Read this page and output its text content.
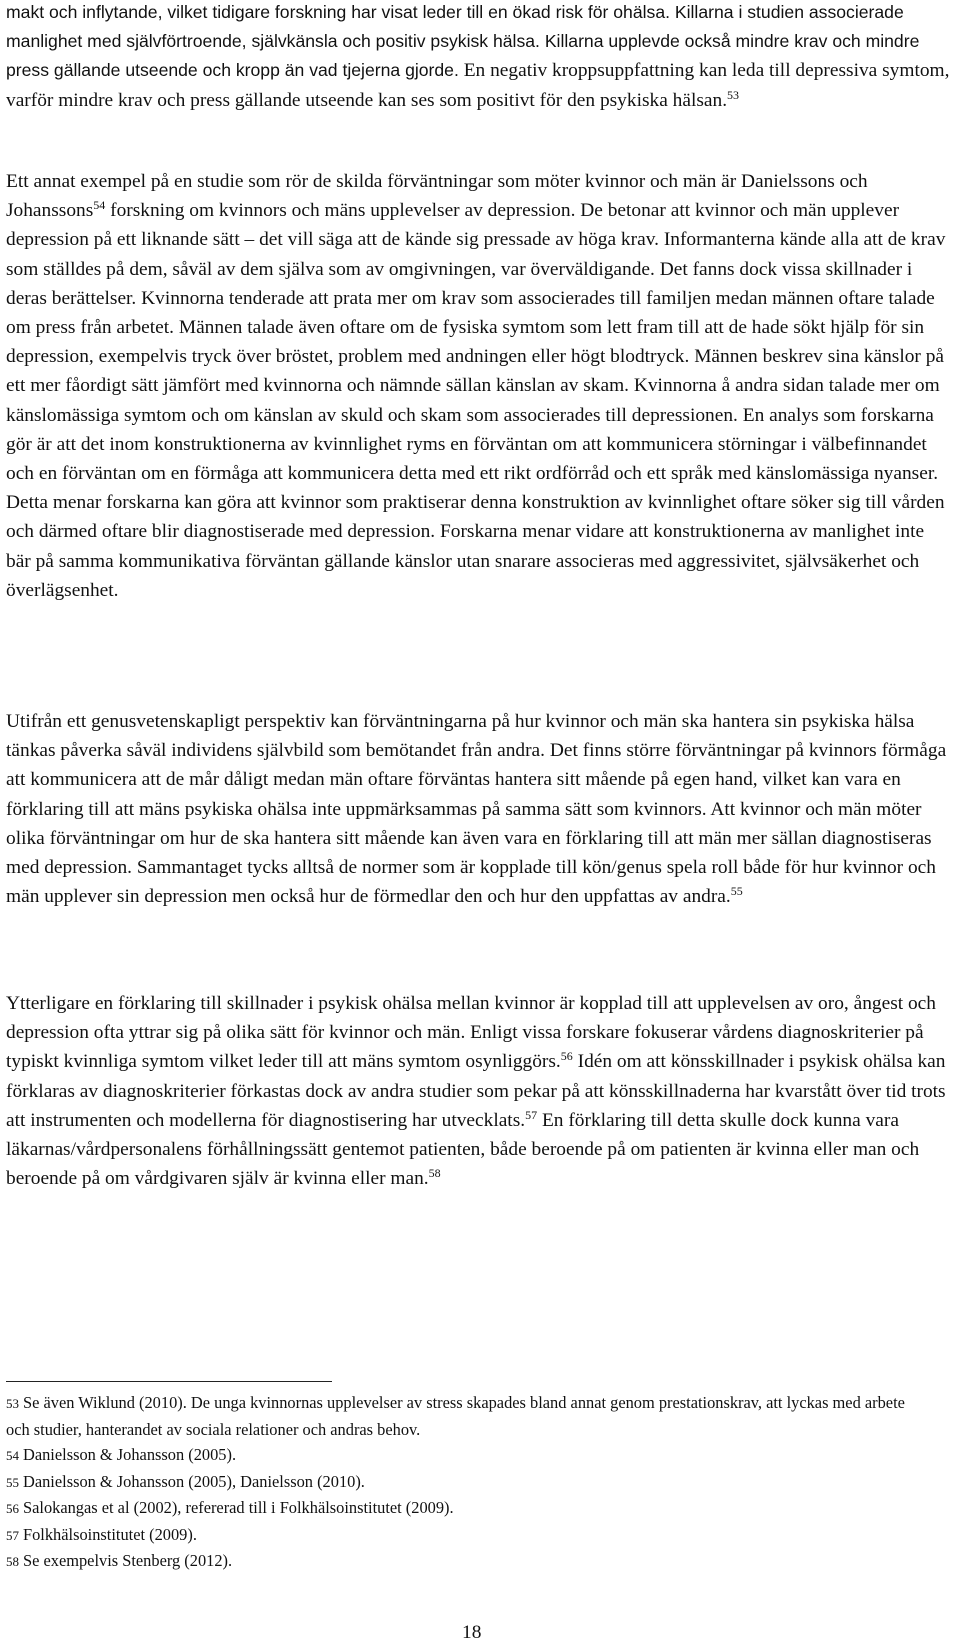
makt och inflytande, vilket tidigare forskning har visat leder till en ökad risk för ohälsa. Killarna i studien associerade manlighet med självförtroende, självkänsla och positiv psykisk hälsa. Killarna upplevde också mindre krav och mindre press gällande utseende och kropp än vad tjejerna gjorde. En negativ kroppsuppfattning kan leda till depressiva symtom, varför mindre krav och press gällande utseende kan ses som positivt för den psykiska hälsan.$^{53}$

Ett annat exempel på en studie som rör de skilda förväntningar som möter kvinnor och män är Danielssons och Johanssons$^{54}$ forskning om kvinnors och mäns upplevelser av depression. De betonar att kvinnor och män upplever depression på ett liknande sätt – det vill säga att de kände sig pressade av höga krav. Informanterna kände alla att de krav som ställdes på dem, såväl av dem själva som av omgivningen, var överväldigande. Det fanns dock vissa skillnader i deras berättelser. Kvinnorna tenderade att prata mer om krav som associerades till familjen medan männen oftare talade om press från arbetet. Männen talade även oftare om de fysiska symtom som lett fram till att de hade sökt hjälp för sin depression, exempelvis tryck över bröstet, problem med andningen eller högt blodtryck. Männen beskrev sina känslor på ett mer fåordigt sätt jämfört med kvinnorna och nämnde sällan känslan av skam. Kvinnorna å andra sidan talade mer om känslomässiga symtom och om känslan av skuld och skam som associerades till depressionen. En analys som forskarna gör är att det inom konstruktionerna av kvinnlighet ryms en förväntan om att kommunicera störningar i välbefinnandet och en förväntan om en förmåga att kommunicera detta med ett rikt ordförråd och ett språk med känslomässiga nyanser. Detta menar forskarna kan göra att kvinnor som praktiserar denna konstruktion av kvinnlighet oftare söker sig till vården och därmed oftare blir diagnostiserade med depression. Forskarna menar vidare att konstruktionerna av manlighet inte bär på samma kommunikativa förväntan gällande känslor utan snarare associeras med aggressivitet, självsäkerhet och överlägsenhet.

Utifrån ett genusvetenskapligt perspektiv kan förväntningarna på hur kvinnor och män ska hantera sin psykiska hälsa tänkas påverka såväl individens självbild som bemötandet från andra. Det finns större förväntningar på kvinnors förmåga att kommunicera att de mår dåligt medan män oftare förväntas hantera sitt mående på egen hand, vilket kan vara en förklaring till att mäns psykiska ohälsa inte uppmärksammas på samma sätt som kvinnors. Att kvinnor och män möter olika förväntningar om hur de ska hantera sitt mående kan även vara en förklaring till att män mer sällan diagnostiseras med depression. Sammantaget tycks alltså de normer som är kopplade till kön/genus spela roll både för hur kvinnor och män upplever sin depression men också hur de förmedlar den och hur den uppfattas av andra.$^{55}$

Ytterligare en förklaring till skillnader i psykisk ohälsa mellan kvinnor är kopplad till att upplevelsen av oro, ångest och depression ofta yttrar sig på olika sätt för kvinnor och män. Enligt vissa forskare fokuserar vårdens diagnoskriterier på typiskt kvinnliga symtom vilket leder till att mäns symtom osynliggörs.$^{56}$ Idén om att könsskillnader i psykisk ohälsa kan förklaras av diagnoskriterier förkastas dock av andra studier som pekar på att könsskillnaderna har kvarstått över tid trots att instrumenten och modellerna för diagnostisering har utvecklats.$^{57}$ En förklaring till detta skulle dock kunna vara läkarnas/vårdpersonalens förhållningssätt gentemot patienten, både beroende på om patienten är kvinna eller man och beroende på om vårdgivaren själv är kvinna eller man.$^{58}$

53 Se även Wiklund (2010). De unga kvinnornas upplevelser av stress skapades bland annat genom prestationskrav, att lyckas med arbete och studier, hanterandet av sociala relationer och andras behov.

54 Danielsson & Johansson (2005).

55 Danielsson & Johansson (2005), Danielsson (2010).

56 Salokangas et al (2002), refererad till i Folkhälsoinstitutet (2009).

57 Folkhälsoinstitutet (2009).

58 Se exempelvis Stenberg (2012).

18
